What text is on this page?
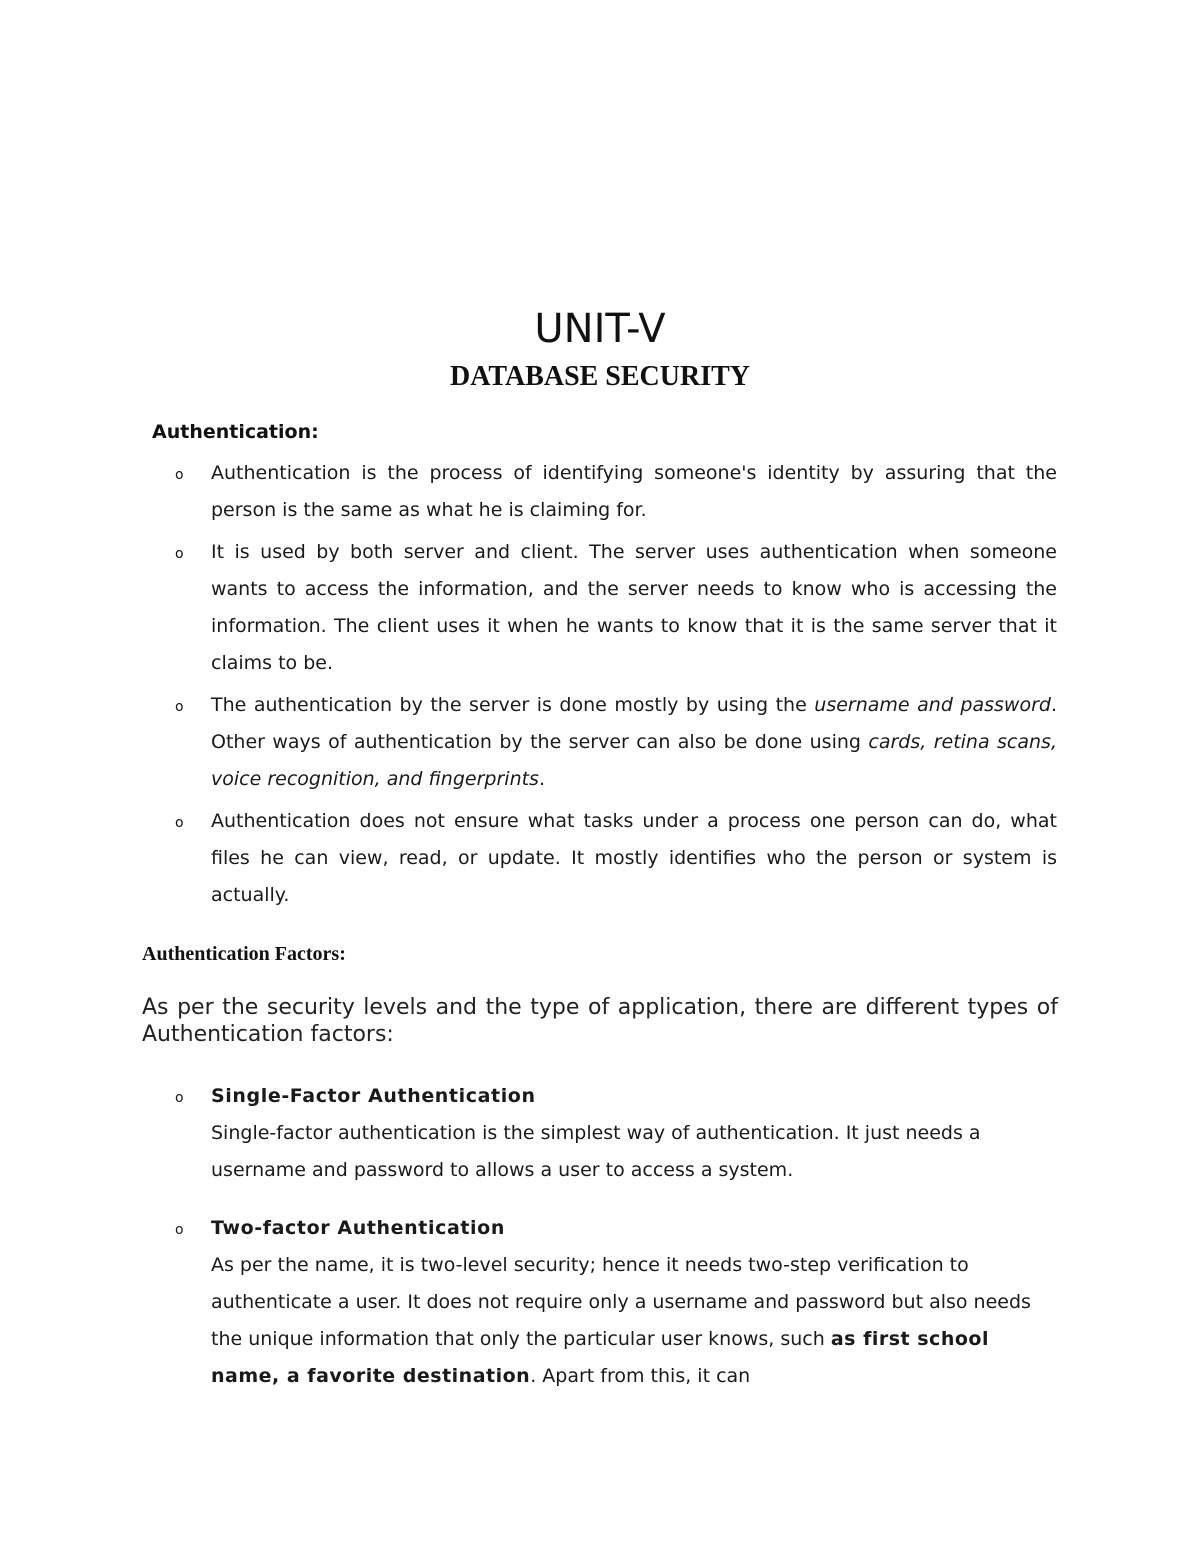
UNIT-V
DATABASE SECURITY
Authentication:
o Authentication is the process of identifying someone's identity by assuring that the person is the same as what he is claiming for.
o It is used by both server and client. The server uses authentication when someone wants to access the information, and the server needs to know who is accessing the information. The client uses it when he wants to know that it is the same server that it claims to be.
o The authentication by the server is done mostly by using the username and password. Other ways of authentication by the server can also be done using cards, retina scans, voice recognition, and fingerprints.
o Authentication does not ensure what tasks under a process one person can do, what files he can view, read, or update. It mostly identifies who the person or system is actually.
Authentication Factors:
As per the security levels and the type of application, there are different types of Authentication factors:
o Single-Factor Authentication
Single-factor authentication is the simplest way of authentication. It just needs a username and password to allows a user to access a system.
o Two-factor Authentication
As per the name, it is two-level security; hence it needs two-step verification to authenticate a user. It does not require only a username and password but also needs the unique information that only the particular user knows, such as first school name, a favorite destination. Apart from this, it can
